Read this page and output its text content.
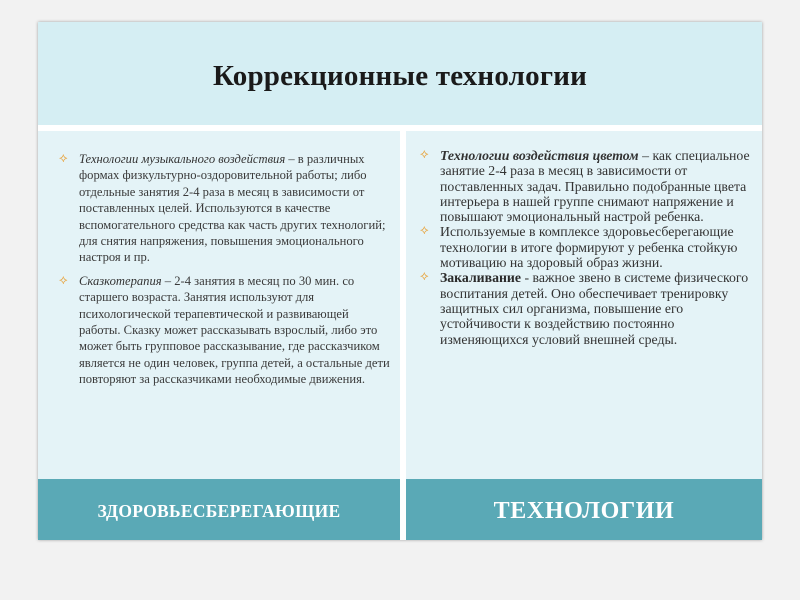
Коррекционные технологии
⟡ Технологии музыкального воздействия – в различных формах физкультурно-оздоровительной работы; либо отдельные занятия 2-4 раза в месяц в зависимости от поставленных целей. Используются в качестве вспомогательного средства как часть других технологий; для снятия напряжения, повышения эмоционального настроя и пр.
⟡ Сказкотерапия – 2-4 занятия в месяц по 30 мин. со старшего возраста. Занятия используют для психологической терапевтической и развивающей работы. Сказку может рассказывать взрослый, либо это может быть групповое рассказывание, где рассказчиком является не один человек, группа детей, а остальные дети повторяют за рассказчиками необходимые движения.
⟡ Технологии воздействия цветом – как специальное занятие 2-4 раза в месяц в зависимости от поставленных задач. Правильно подобранные цвета интерьера в нашей группе снимают напряжение и повышают эмоциональный настрой ребенка.
⟡ Используемые в комплексе здоровьесберегающие технологии в итоге формируют у ребенка стойкую мотивацию на здоровый образ жизни.
⟡ Закаливание - важное звено в системе физического воспитания детей. Оно обеспечивает тренировку защитных сил организма, повышение его устойчивости к воздействию постоянно изменяющихся условий внешней среды.
ЗДОРОВЬЕСБЕРЕГАЮЩИЕ	ТЕХНОЛОГИИ
